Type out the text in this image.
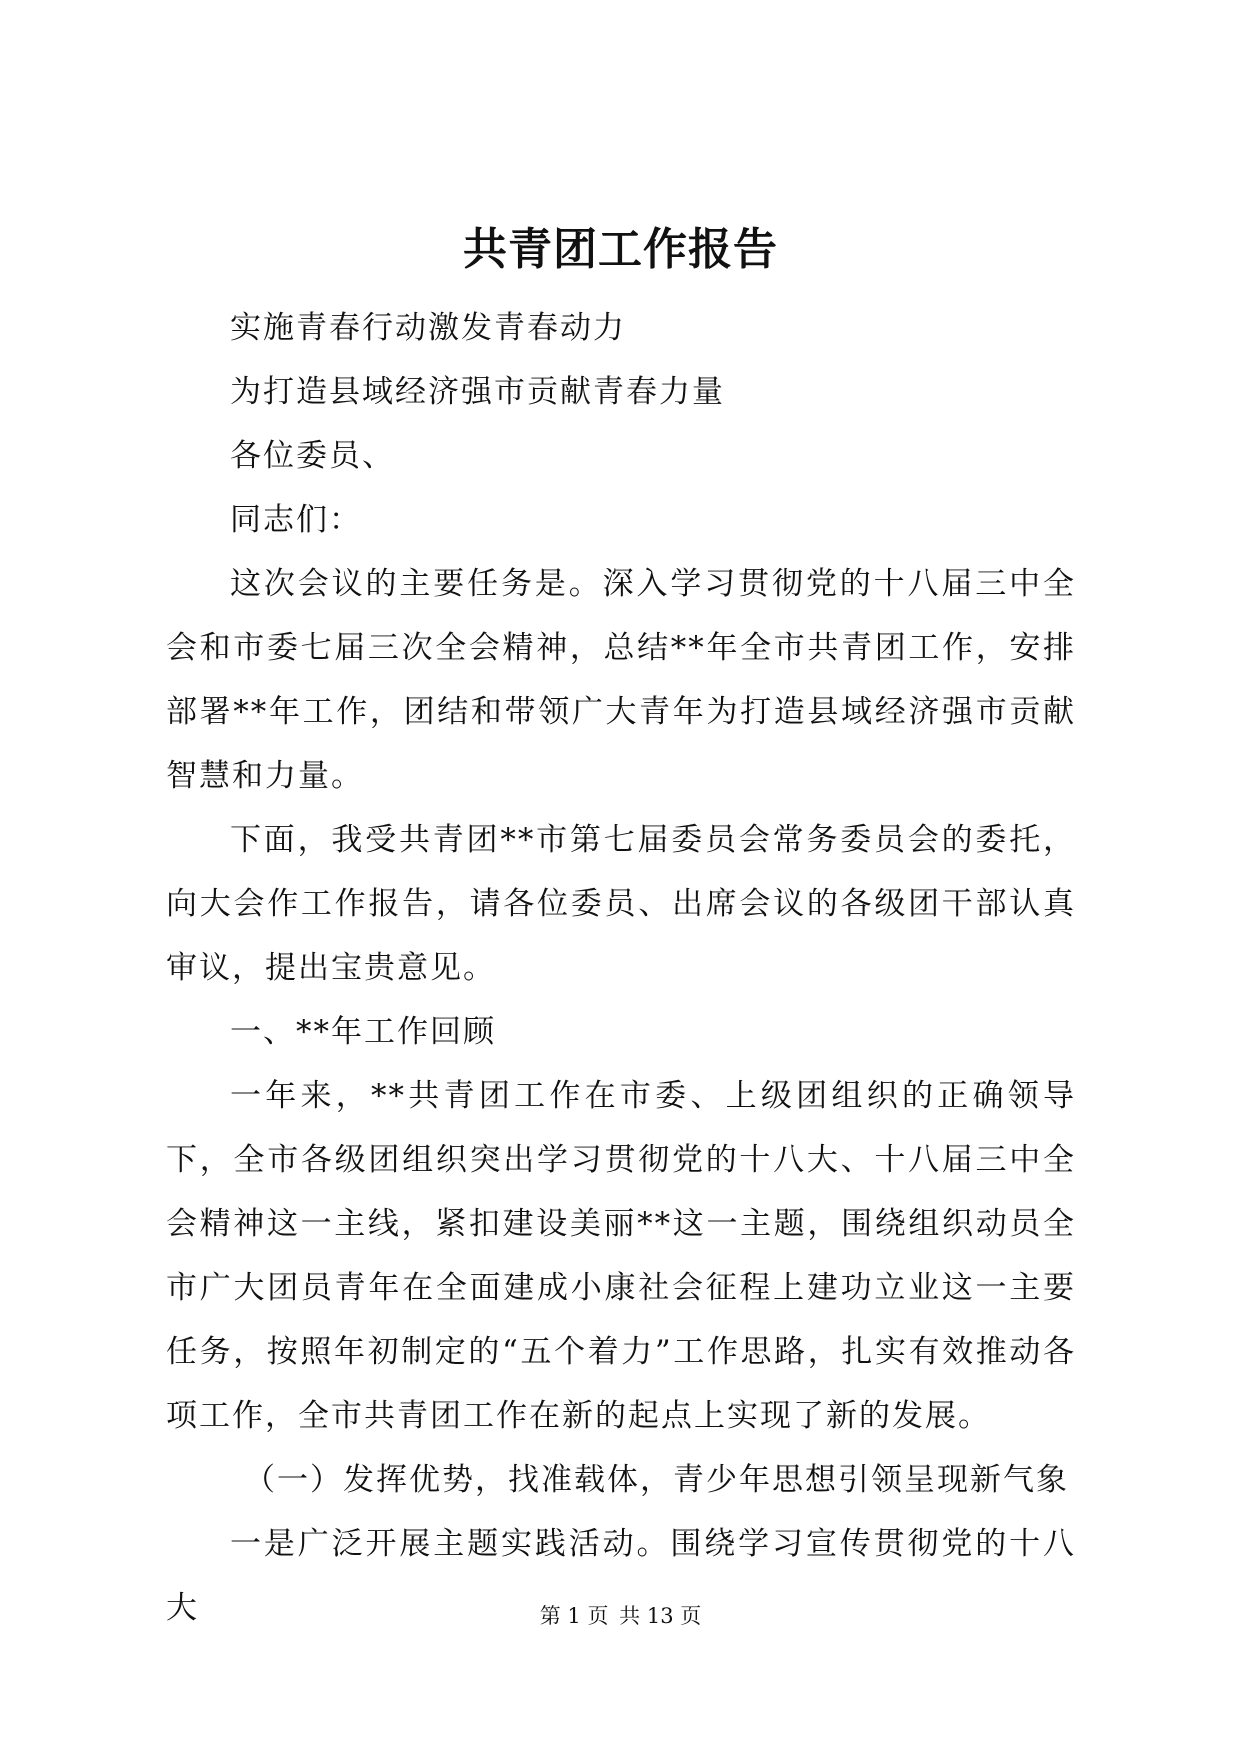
共青团工作报告

实施青春行动激发青春动力

为打造县域经济强市贡献青春力量

各位委员、

同志们：

这次会议的主要任务是。深入学习贯彻党的十八届三中全会和市委七届三次全会精神，总结**年全市共青团工作，安排部署**年工作，团结和带领广大青年为打造县域经济强市贡献智慧和力量。

下面，我受共青团**市第七届委员会常务委员会的委托，向大会作工作报告，请各位委员、出席会议的各级团干部认真审议，提出宝贵意见。

一、**年工作回顾

一年来，**共青团工作在市委、上级团组织的正确领导下，全市各级团组织突出学习贯彻党的十八大、十八届三中全会精神这一主线，紧扣建设美丽**这一主题，围绕组织动员全市广大团员青年在全面建成小康社会征程上建功立业这一主要任务，按照年初制定的“五个着力”工作思路，扎实有效推动各项工作，全市共青团工作在新的起点上实现了新的发展。

（一）发挥优势，找准载体，青少年思想引领呈现新气象

一是广泛开展主题实践活动。围绕学习宣传贯彻党的十八大	第 1 页 共 13 页
